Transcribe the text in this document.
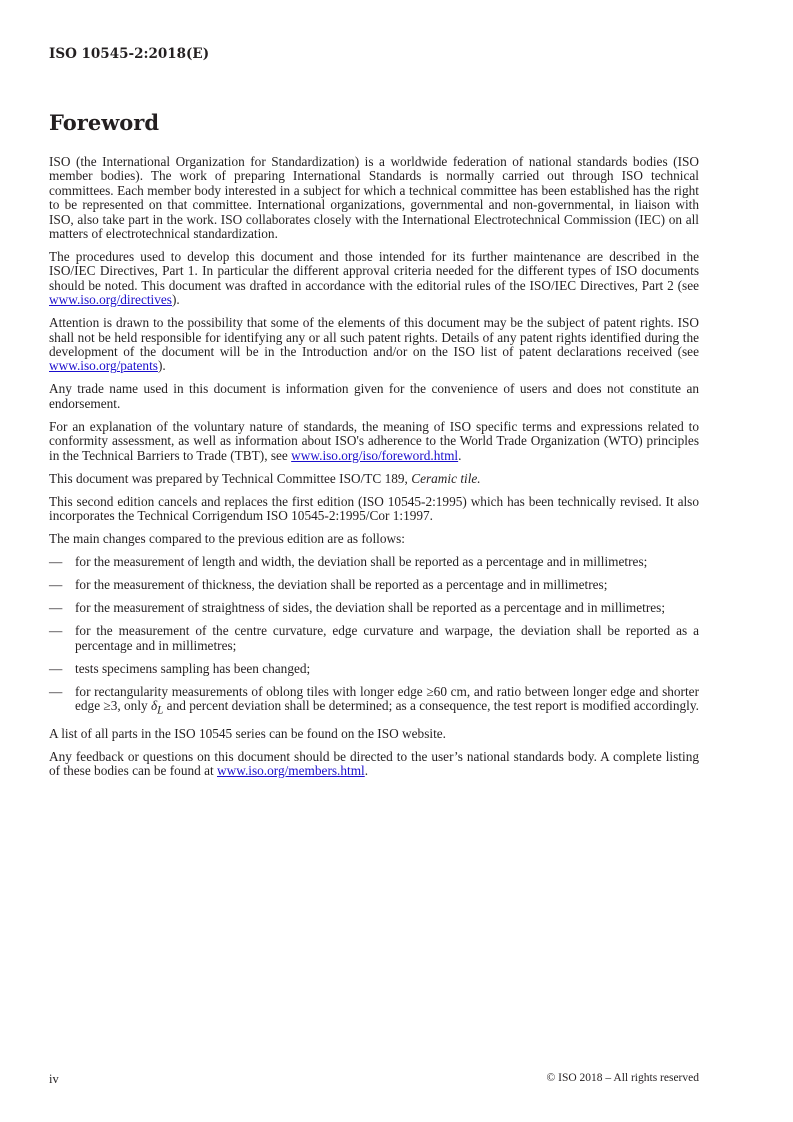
ISO 10545-2:2018(E)
Foreword

ISO (the International Organization for Standardization) is a worldwide federation of national standards bodies (ISO member bodies). The work of preparing International Standards is normally carried out through ISO technical committees. Each member body interested in a subject for which a technical committee has been established has the right to be represented on that committee. International organizations, governmental and non-governmental, in liaison with ISO, also take part in the work. ISO collaborates closely with the International Electrotechnical Commission (IEC) on all matters of electrotechnical standardization.

The procedures used to develop this document and those intended for its further maintenance are described in the ISO/IEC Directives, Part 1. In particular the different approval criteria needed for the different types of ISO documents should be noted. This document was drafted in accordance with the editorial rules of the ISO/IEC Directives, Part 2 (see www.iso.org/directives).

Attention is drawn to the possibility that some of the elements of this document may be the subject of patent rights. ISO shall not be held responsible for identifying any or all such patent rights. Details of any patent rights identified during the development of the document will be in the Introduction and/or on the ISO list of patent declarations received (see www.iso.org/patents).

Any trade name used in this document is information given for the convenience of users and does not constitute an endorsement.

For an explanation of the voluntary nature of standards, the meaning of ISO specific terms and expressions related to conformity assessment, as well as information about ISO's adherence to the World Trade Organization (WTO) principles in the Technical Barriers to Trade (TBT), see www.iso.org/iso/foreword.html.

This document was prepared by Technical Committee ISO/TC 189, Ceramic tile.

This second edition cancels and replaces the first edition (ISO 10545-2:1995) which has been technically revised. It also incorporates the Technical Corrigendum ISO 10545-2:1995/Cor 1:1997.

The main changes compared to the previous edition are as follows:

— for the measurement of length and width, the deviation shall be reported as a percentage and in millimetres;
— for the measurement of thickness, the deviation shall be reported as a percentage and in millimetres;
— for the measurement of straightness of sides, the deviation shall be reported as a percentage and in millimetres;
— for the measurement of the centre curvature, edge curvature and warpage, the deviation shall be reported as a percentage and in millimetres;
— tests specimens sampling has been changed;
— for rectangularity measurements of oblong tiles with longer edge ≥60 cm, and ratio between longer edge and shorter edge ≥3, only $\delta_L$ and percent deviation shall be determined; as a consequence, the test report is modified accordingly.

A list of all parts in the ISO 10545 series can be found on the ISO website.

Any feedback or questions on this document should be directed to the user’s national standards body. A complete listing of these bodies can be found at www.iso.org/members.html.

iv	© ISO 2018 – All rights reserved
